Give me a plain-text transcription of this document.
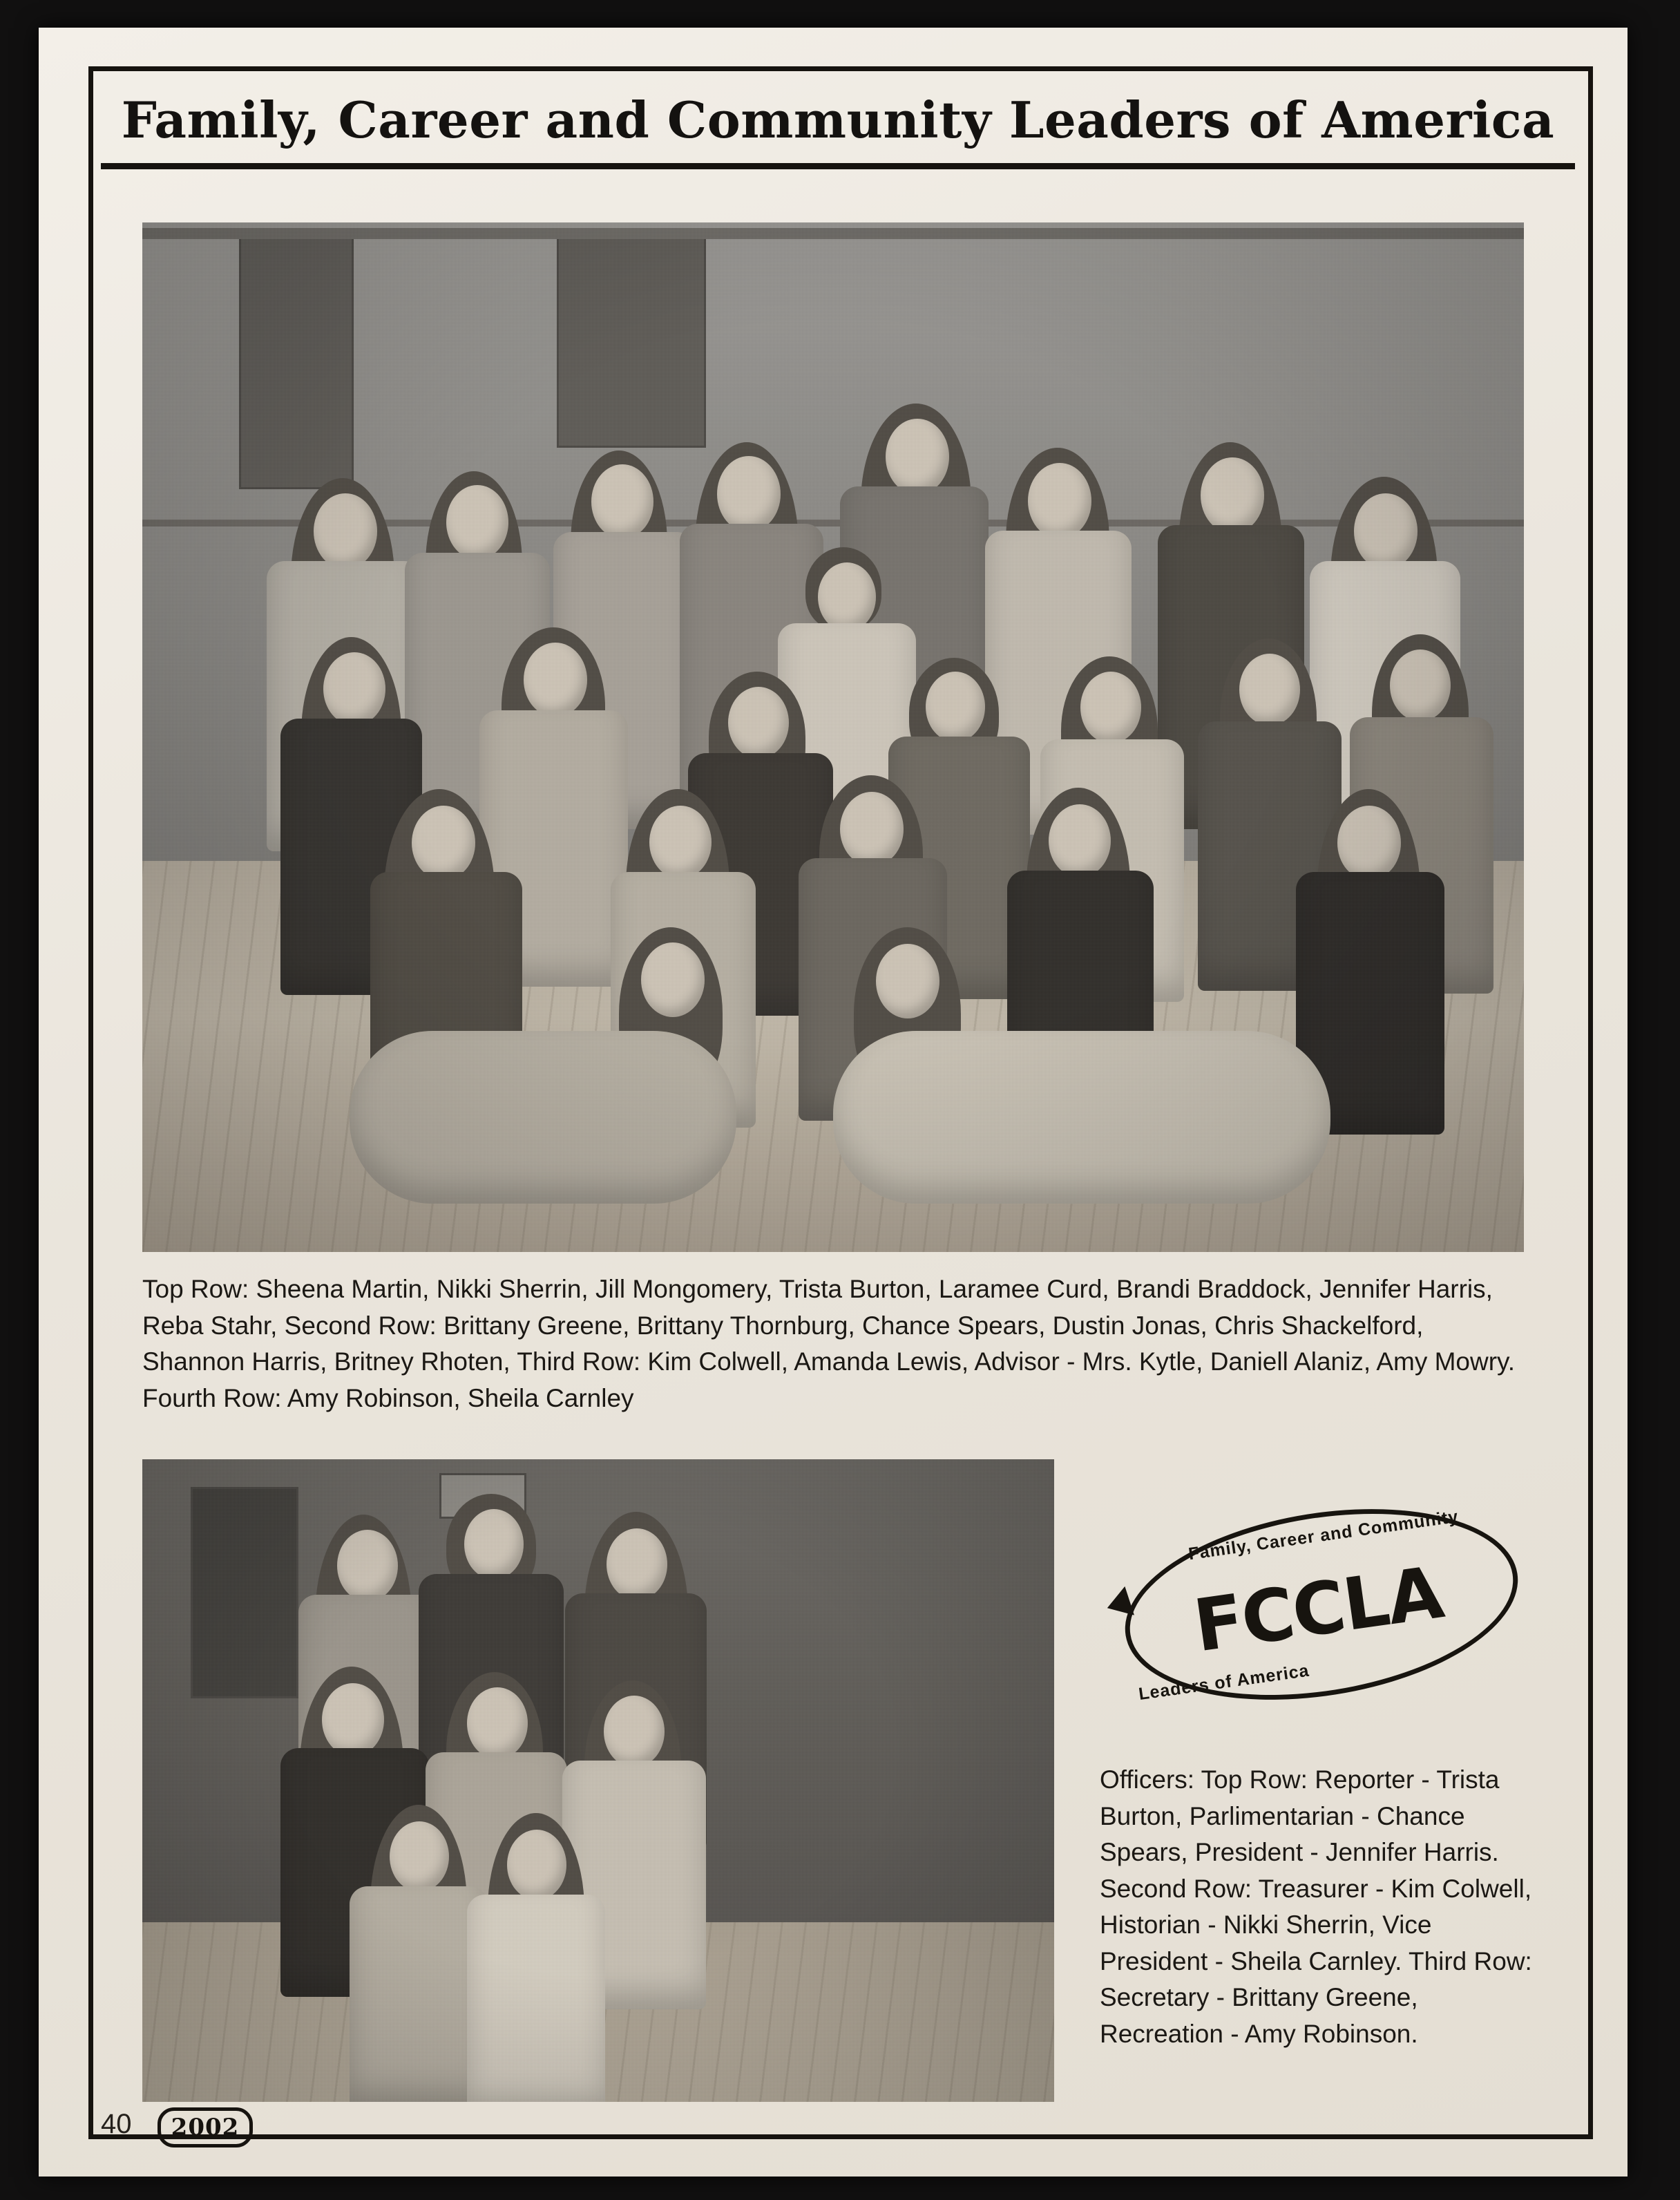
Family, Career and Community Leaders of America
Top Row: Sheena Martin, Nikki Sherrin, Jill Mongomery, Trista Burton, Laramee Curd, Brandi Braddock, Jennifer Harris, Reba Stahr, Second Row: Brittany Greene, Brittany Thornburg, Chance Spears, Dustin Jonas, Chris Shackelford, Shannon Harris, Britney Rhoten, Third Row: Kim Colwell, Amanda Lewis, Advisor - Mrs. Kytle, Daniell Alaniz, Amy Mowry. Fourth Row: Amy Robinson, Sheila Carnley
Family, Career and Community
FCCLA
Leaders of America
Officers: Top Row: Reporter - Trista Burton, Parlimentarian - Chance Spears, President - Jennifer Harris. Second Row: Treasurer - Kim Colwell, Historian - Nikki Sherrin, Vice President - Sheila Carnley. Third Row: Secretary - Brittany Greene, Recreation - Amy Robinson.
40	2002
